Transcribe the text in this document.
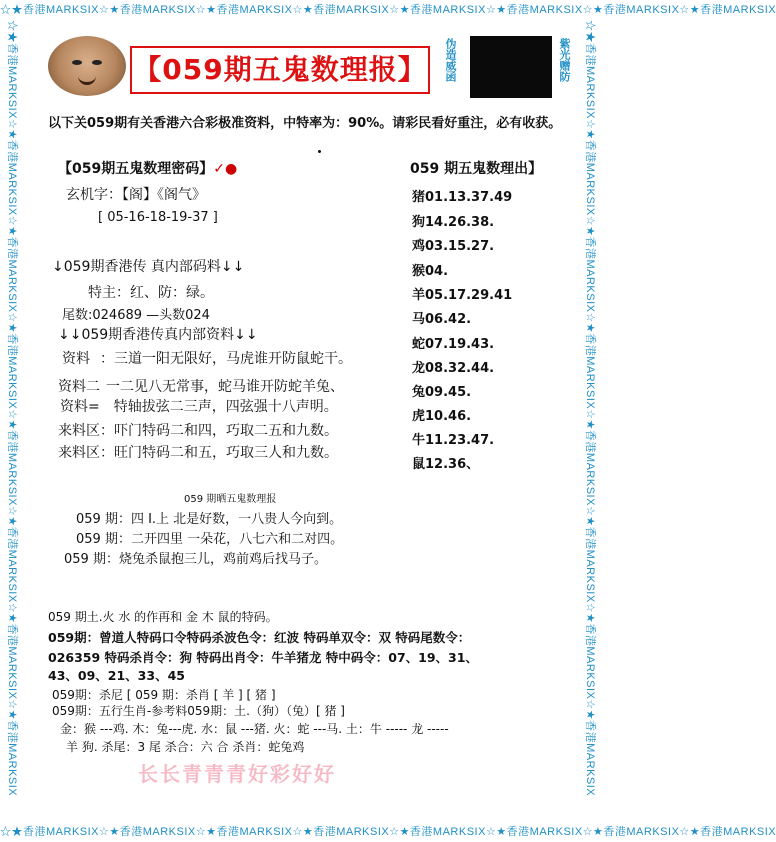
☆★香港MARKSIX☆★香港MARKSIX☆★香港MARKSIX☆★香港MARKSIX☆★香港MARKSIX☆★香港MARKSIX☆★香港MARKSIX☆★香港MARKSIX
☆★香港MARKSIX☆★香港MARKSIX☆★香港MARKSIX☆★香港MARKSIX☆★香港MARKSIX☆★香港MARKSIX☆★香港MARKSIX☆★香港MARKSIX
☆★香港MARKSIX☆★香港MARKSIX☆★香港MARKSIX☆★香港MARKSIX☆★香港MARKSIX☆★香港MARKSIX☆★香港MARKSIX☆★香港MARKSIX	☆★香港MARKSIX☆★香港MARKSIX☆★香港MARKSIX☆★香港MARKSIX☆★香港MARKSIX☆★香港MARKSIX☆★香港MARKSIX☆★香港MARKSIX
【059期五鬼数理报】 伪造威函	紫光赠防
以下关059期有关香港六合彩极准资料，中特率为：90%。请彩民看好重注，必有收获。
【059期五鬼数理密码】✓●	059 期五鬼数理出】
玄机字：【阁】《阁气》
[ 05-16-18-19-37 ]
↓059期香港传 真内部码料↓↓
特主：红、防：绿。
尾数:024689 —头数024
↓↓059期香港传真内部资料↓↓
资料 ：三道一阳无限好，马虎谁开防鼠蛇干。
资料二 一二见八无常事，蛇马谁开防蛇羊兔、
资料= 特轴拔弦二三声，四弦强十八声明。
来料区：吓门特码二和四，巧取二五和九数。
来料区：旺门特码二和五，巧取三人和九数。
猪01.13.37.49
狗14.26.38.
鸡03.15.27.
猴04.
羊05.17.29.41
马06.42.
蛇07.19.43.
龙08.32.44.
兔09.45.
虎10.46.
牛11.23.47.
鼠12.36、
059 期晒五鬼数理报
059 期：四 I.上 北是好数，一八贵人今向到。
059 期：二开四里 一朵花，八七六和二对四。
059 期：烧兔杀鼠抱三儿，鸡前鸡后找马子。
059 期土.火 水 的作再和 金 木 鼠的特码。
059期：曾道人特码口令特码杀波色令：红波 特码单双令：双 特码尾数令：
026359 特码杀肖令：狗 特码出肖令：牛羊猪龙 特中码令：07、19、31、
43、09、21、33、45
059期：杀尼 [ 059 期：杀肖 [ 羊 ] [ 猪 ]
059期：五行生肖-参考料059期：土.（狗）（兔）[ 猪 ]
金：猴 ---鸡. 木：兔---虎. 水：鼠 ---猪. 火：蛇 ---马. 土：牛 ----- 龙 -----
羊 狗. 杀尾：3 尾 杀合：六 合 杀肖：蛇兔鸡
长长青青青好彩好好
